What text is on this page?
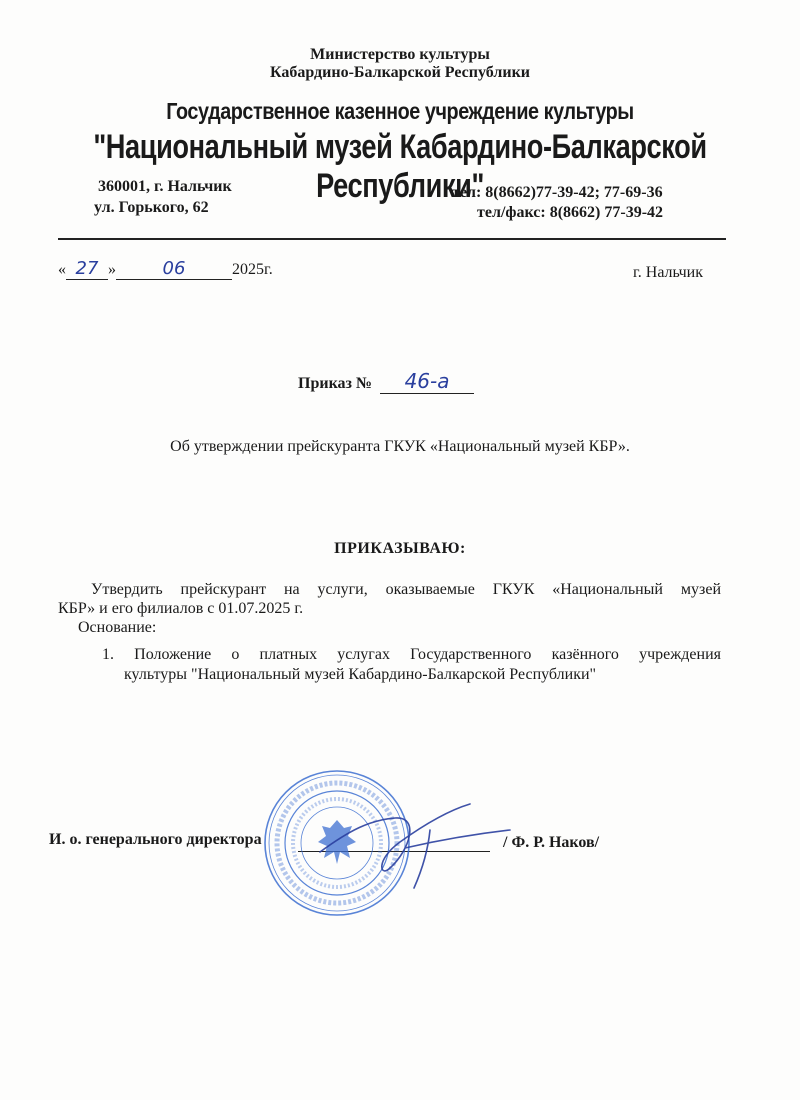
Министерство культуры
Кабардино-Балкарской Республики
Государственное казенное учреждение культуры
"Национальный музей Кабардино-Балкарской Республики"
360001, г. Нальчик
ул. Горького, 62
тел: 8(8662)77-39-42; 77-69-36
тел/факс: 8(8662) 77-39-42
« 27 »	06	2025г.	г. Нальчик
Приказ № 46-а
Об утверждении прейскуранта ГКУК «Национальный музей КБР».
ПРИКАЗЫВАЮ:
Утвердить прейскурант на услуги, оказываемые ГКУК «Национальный музей
КБР» и его филиалов с 01.07.2025 г.
Основание:
1. Положение о платных услугах Государственного казённого учреждения
культуры "Национальный музей Кабардино-Балкарской Республики"
И. о. генерального директора	/ Ф. Р. Наков/
